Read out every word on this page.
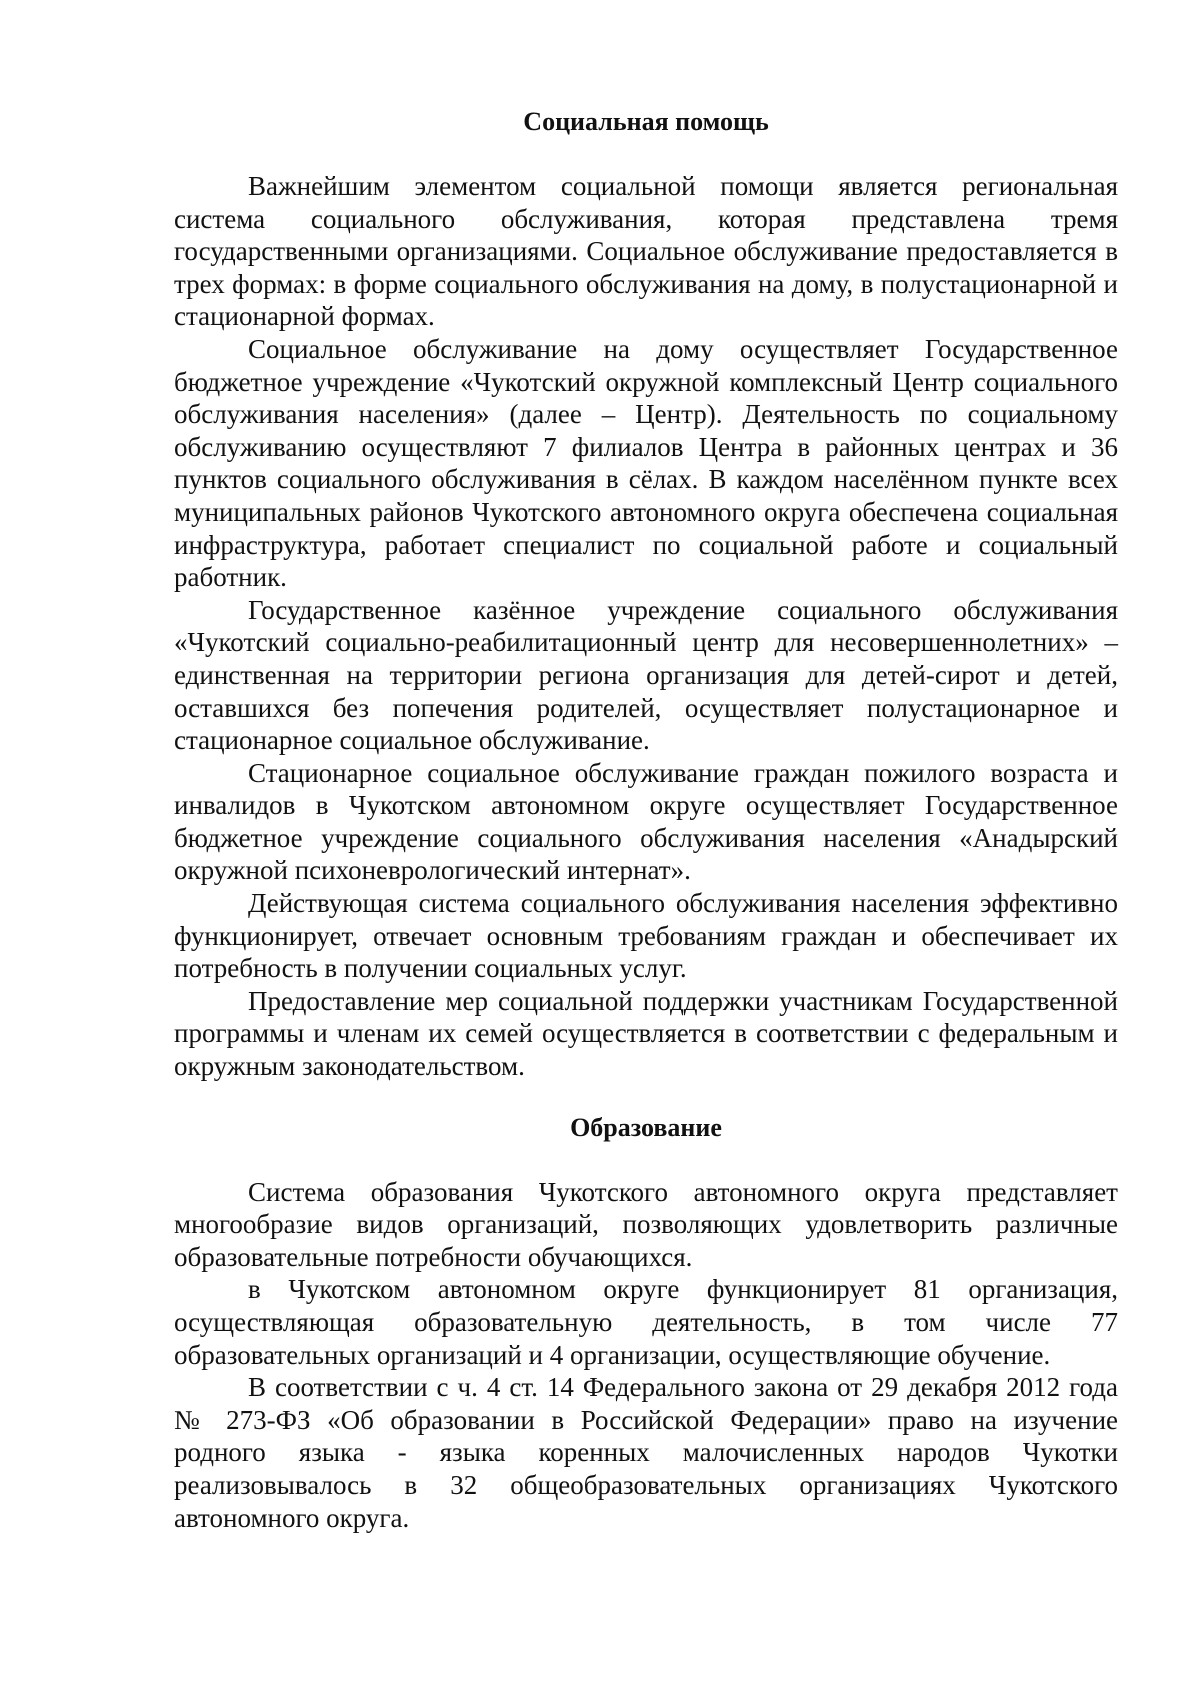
Социальная помощь

Важнейшим элементом социальной помощи является региональная система социального обслуживания, которая представлена тремя государственными организациями. Социальное обслуживание предоставляется в трех формах: в форме социального обслуживания на дому, в полустационарной и стационарной формах.

Социальное обслуживание на дому осуществляет Государственное бюджетное учреждение «Чукотский окружной комплексный Центр социального обслуживания населения» (далее – Центр). Деятельность по социальному обслуживанию осуществляют 7 филиалов Центра в районных центрах и 36 пунктов социального обслуживания в сёлах. В каждом населённом пункте всех муниципальных районов Чукотского автономного округа обеспечена социальная инфраструктура, работает специалист по социальной работе и социальный работник.

Государственное казённое учреждение социального обслуживания «Чукотский социально-реабилитационный центр для несовершеннолетних» – единственная на территории региона организация для детей-сирот и детей, оставшихся без попечения родителей, осуществляет полустационарное и стационарное социальное обслуживание.

Стационарное социальное обслуживание граждан пожилого возраста и инвалидов в Чукотском автономном округе осуществляет Государственное бюджетное учреждение социального обслуживания населения «Анадырский окружной психоневрологический интернат».

Действующая система социального обслуживания населения эффективно функционирует, отвечает основным требованиям граждан и обеспечивает их потребность в получении социальных услуг.

Предоставление мер социальной поддержки участникам Государственной программы и членам их семей осуществляется в соответствии с федеральным и окружным законодательством.

Образование

Система образования Чукотского автономного округа представляет многообразие видов организаций, позволяющих удовлетворить различные образовательные потребности обучающихся.

в Чукотском автономном округе функционирует 81 организация, осуществляющая образовательную деятельность, в том числе 77 образовательных организаций и 4 организации, осуществляющие обучение.

В соответствии с ч. 4 ст. 14 Федерального закона от 29 декабря 2012 года № 273-ФЗ «Об образовании в Российской Федерации» право на изучение родного языка - языка коренных малочисленных народов Чукотки реализовывалось в 32 общеобразовательных организациях Чукотского автономного округа.
